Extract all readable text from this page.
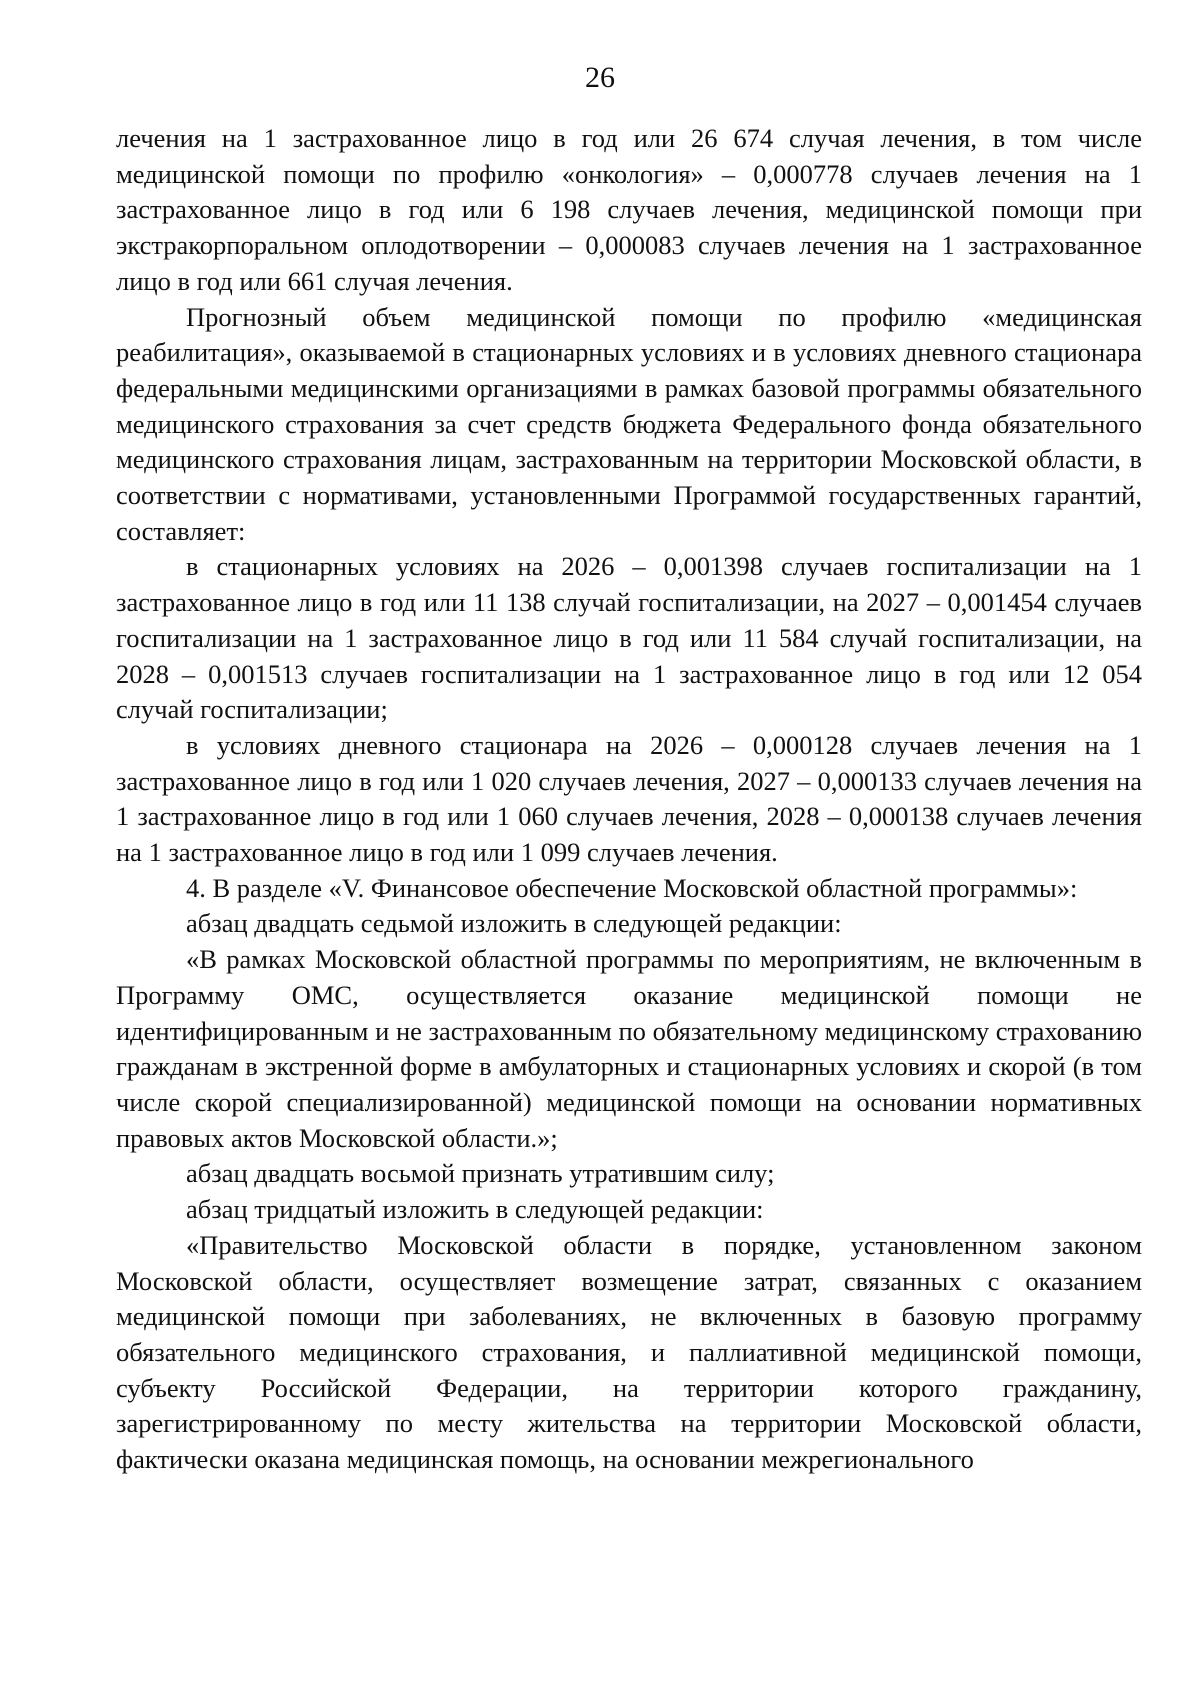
26

лечения на 1 застрахованное лицо в год или 26 674 случая лечения, в том числе медицинской помощи по профилю «онкология» – 0,000778 случаев лечения на 1 застрахованное лицо в год или 6 198 случаев лечения, медицинской помощи при экстракорпоральном оплодотворении – 0,000083 случаев лечения на 1 застрахованное лицо в год или 661 случая лечения.

Прогнозный объем медицинской помощи по профилю «медицинская реабилитация», оказываемой в стационарных условиях и в условиях дневного стационара федеральными медицинскими организациями в рамках базовой программы обязательного медицинского страхования за счет средств бюджета Федерального фонда обязательного медицинского страхования лицам, застрахованным на территории Московской области, в соответствии с нормативами, установленными Программой государственных гарантий, составляет:

в стационарных условиях на 2026 – 0,001398 случаев госпитализации на 1 застрахованное лицо в год или 11 138 случай госпитализации, на 2027 – 0,001454 случаев госпитализации на 1 застрахованное лицо в год или 11 584 случай госпитализации, на 2028 – 0,001513 случаев госпитализации на 1 застрахованное лицо в год или 12 054 случай госпитализации;

в условиях дневного стационара на 2026 – 0,000128 случаев лечения на 1 застрахованное лицо в год или 1 020 случаев лечения, 2027 – 0,000133 случаев лечения на 1 застрахованное лицо в год или 1 060 случаев лечения, 2028 – 0,000138 случаев лечения на 1 застрахованное лицо в год или 1 099 случаев лечения.

4. В разделе «V. Финансовое обеспечение Московской областной программы»:

абзац двадцать седьмой изложить в следующей редакции:

«В рамках Московской областной программы по мероприятиям, не включенным в Программу ОМС, осуществляется оказание медицинской помощи не идентифицированным и не застрахованным по обязательному медицинскому страхованию гражданам в экстренной форме в амбулаторных и стационарных условиях и скорой (в том числе скорой специализированной) медицинской помощи на основании нормативных правовых актов Московской области.»;

абзац двадцать восьмой признать утратившим силу;

абзац тридцатый изложить в следующей редакции:

«Правительство Московской области в порядке, установленном законом Московской области, осуществляет возмещение затрат, связанных с оказанием медицинской помощи при заболеваниях, не включенных в базовую программу обязательного медицинского страхования, и паллиативной медицинской помощи, субъекту Российской Федерации, на территории которого гражданину, зарегистрированному по месту жительства на территории Московской области, фактически оказана медицинская помощь, на основании межрегионального
